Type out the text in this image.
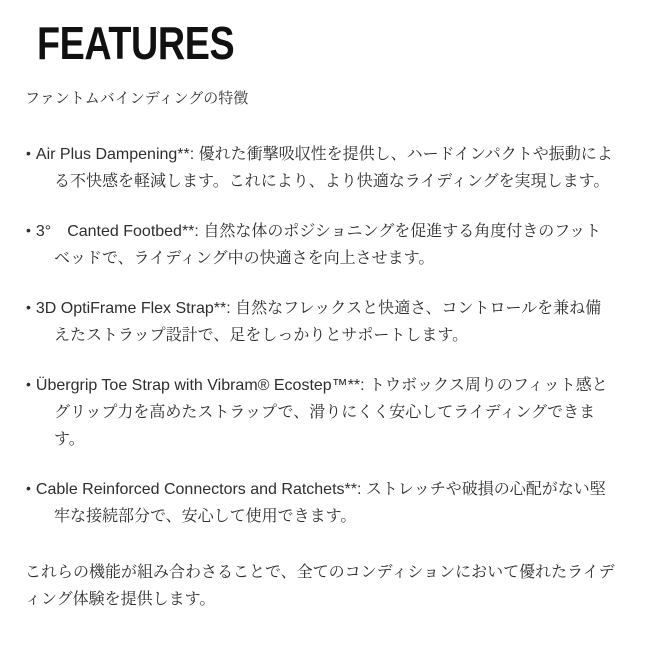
FEATURES

ファントムバインディングの特徴

• Air Plus Dampening**: 優れた衝撃吸収性を提供し、ハードインパクトや振動による不快感を軽減します。これにより、より快適なライディングを実現します。
• 3°　Canted Footbed**: 自然な体のポジショニングを促進する角度付きのフットベッドで、ライディング中の快適さを向上させます。
• 3D OptiFrame Flex Strap**: 自然なフレックスと快適さ、コントロールを兼ね備えたストラップ設計で、足をしっかりとサポートします。
• Übergrip Toe Strap with Vibram® Ecostep™**: トウボックス周りのフィット感とグリップ力を高めたストラップで、滑りにくく安心してライディングできます。
• Cable Reinforced Connectors and Ratchets**: ストレッチや破損の心配がない堅牢な接続部分で、安心して使用できます。

これらの機能が組み合わさることで、全てのコンディションにおいて優れたライディング体験を提供します。
